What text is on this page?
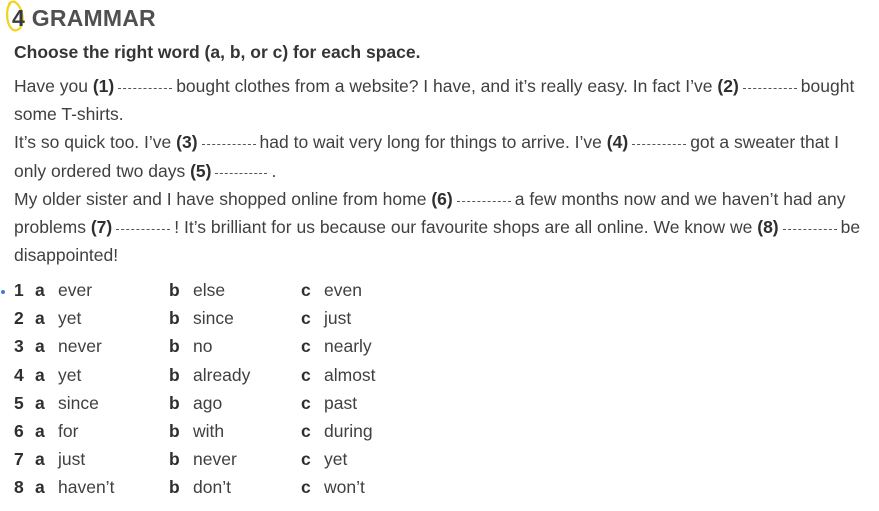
4 GRAMMAR
Choose the right word (a, b, or c) for each space.
Have you (1)	bought clothes from a website? I have, and it’s really easy. In fact I’ve (2)	bought some T-shirts.
It’s so quick too. I’ve (3)	had to wait very long for things to arrive. I’ve (4)	got a sweater that I only ordered two days (5)	.
My older sister and I have shopped online from home (6)	a few months now and we haven’t had any problems (7)	! It’s brilliant for us because our favourite shops are all online. We know we (8)	be disappointed!
1 a ever	b else	c even
2 a yet	b since	c just
3 a never	b no	c nearly
4 a yet	b already	c almost
5 a since	b ago	c past
6 a for	b with	c during
7 a just	b never	c yet
8 a haven’t	b don’t	c won’t
